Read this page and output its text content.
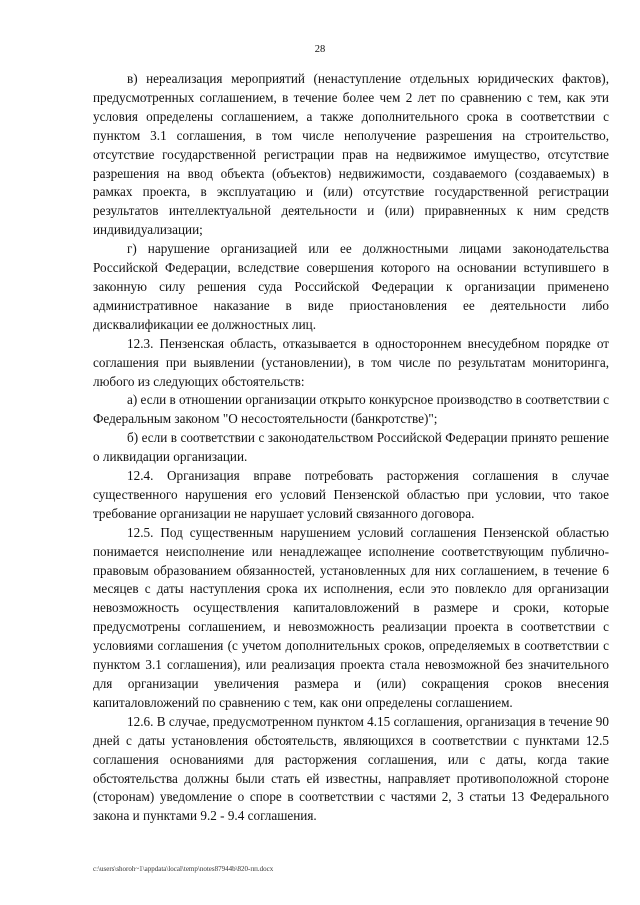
28

в) нереализация мероприятий (ненаступление отдельных юридических фактов), предусмотренных соглашением, в течение более чем 2 лет по сравнению с тем, как эти условия определены соглашением, а также дополнительного срока в соответствии с пунктом 3.1 соглашения, в том числе неполучение разрешения на строительство, отсутствие государственной регистрации прав на недвижимое имущество, отсутствие разрешения на ввод объекта (объектов) недвижимости, создаваемого (создаваемых) в рамках проекта, в эксплуатацию и (или) отсутствие государственной регистрации результатов интеллектуальной деятельности и (или) приравненных к ним средств индивидуализации;

г) нарушение организацией или ее должностными лицами законодательства Российской Федерации, вследствие совершения которого на основании вступившего в законную силу решения суда Российской Федерации к организации применено административное наказание в виде приостановления ее деятельности либо дисквалификации ее должностных лиц.

12.3. Пензенская область, отказывается в одностороннем внесудебном порядке от соглашения при выявлении (установлении), в том числе по результатам мониторинга, любого из следующих обстоятельств:

а) если в отношении организации открыто конкурсное производство в соответствии с Федеральным законом "О несостоятельности (банкротстве)";

б) если в соответствии с законодательством Российской Федерации принято решение о ликвидации организации.

12.4. Организация вправе потребовать расторжения соглашения в случае существенного нарушения его условий Пензенской областью при условии, что такое требование организации не нарушает условий связанного договора.

12.5. Под существенным нарушением условий соглашения Пензенской областью понимается неисполнение или ненадлежащее исполнение соответствующим публично-правовым образованием обязанностей, установленных для них соглашением, в течение 6 месяцев с даты наступления срока их исполнения, если это повлекло для организации невозможность осуществления капиталовложений в размере и сроки, которые предусмотрены соглашением, и невозможность реализации проекта в соответствии с условиями соглашения (с учетом дополнительных сроков, определяемых в соответствии с пунктом 3.1 соглашения), или реализация проекта стала невозможной без значительного для организации увеличения размера и (или) сокращения сроков внесения капиталовложений по сравнению с тем, как они определены соглашением.

12.6. В случае, предусмотренном пунктом 4.15 соглашения, организация в течение 90 дней с даты установления обстоятельств, являющихся в соответствии с пунктами 12.5 соглашения основаниями для расторжения соглашения, или с даты, когда такие обстоятельства должны были стать ей известны, направляет противоположной стороне (сторонам) уведомление о споре в соответствии с частями 2, 3 статьи 13 Федерального закона и пунктами 9.2 - 9.4 соглашения.

c:\users\shoroh~1\appdata\local\temp\notes87944b\820-пп.docx
